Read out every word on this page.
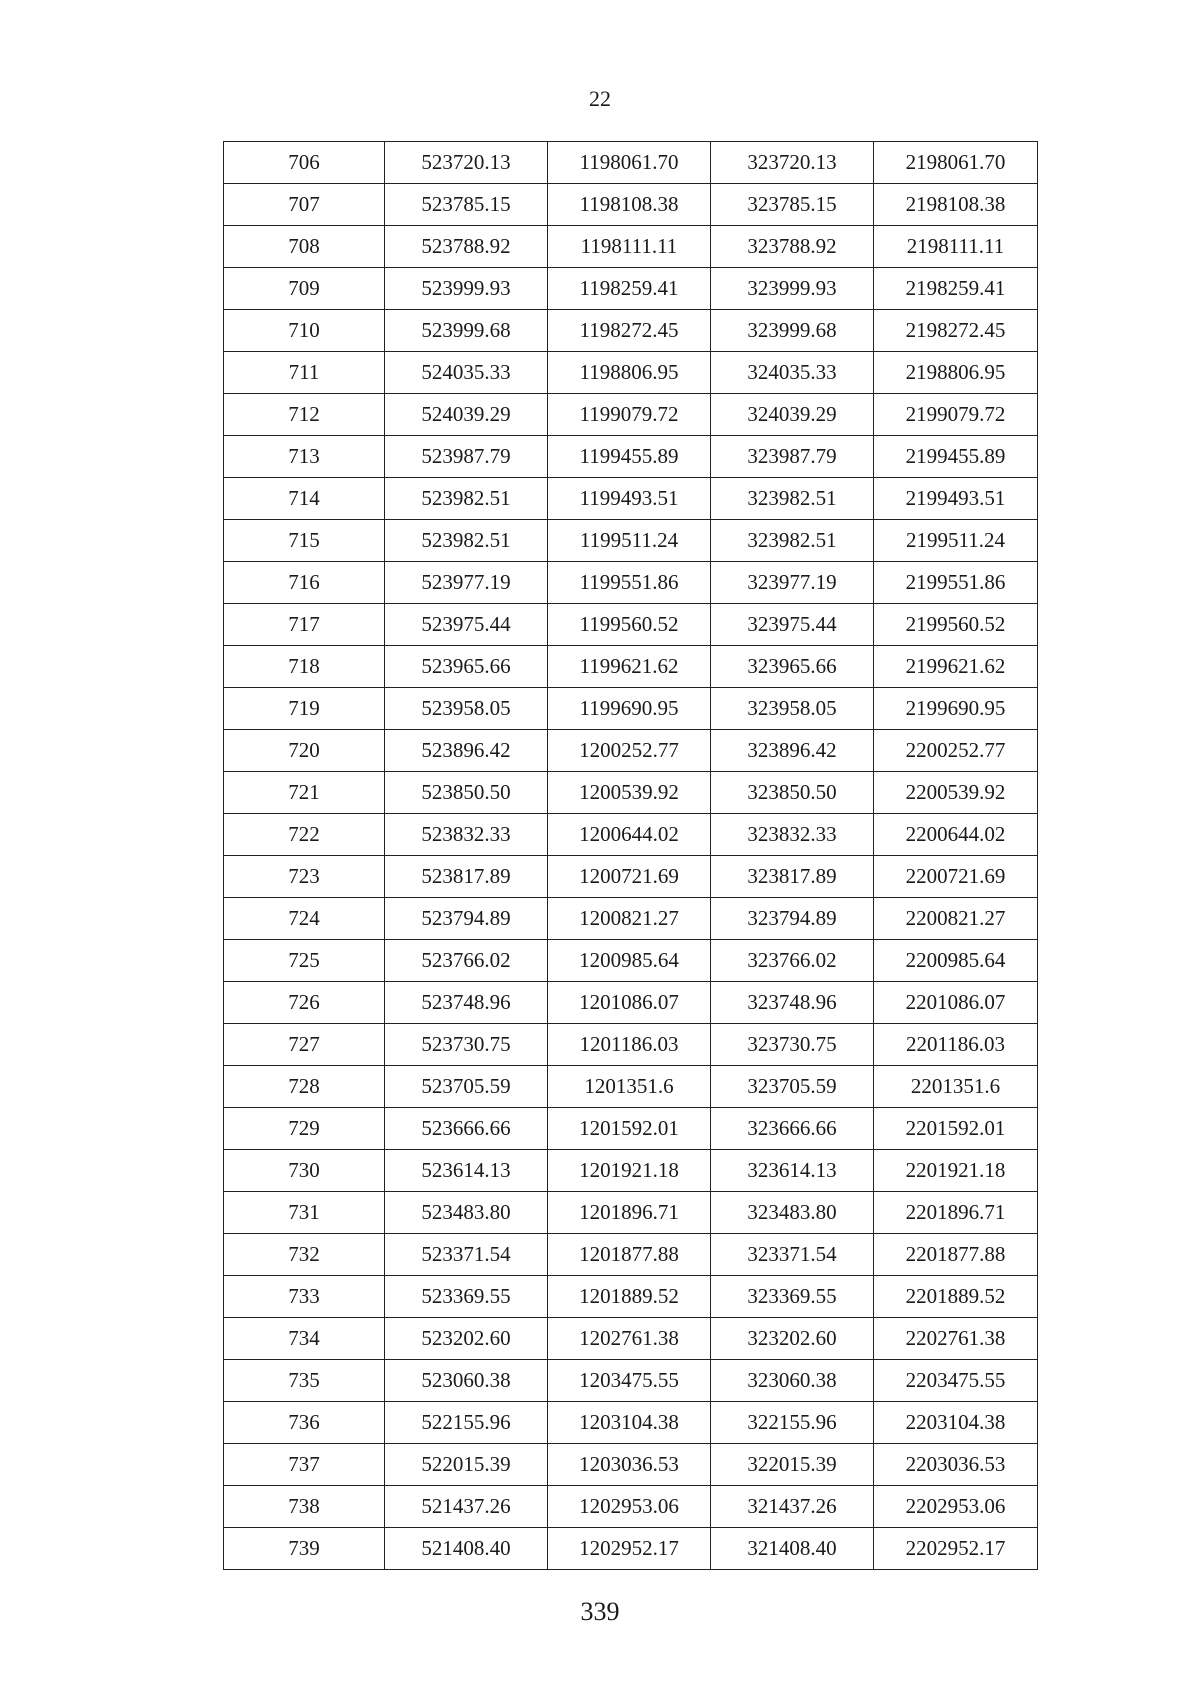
22
706	523720.13	1198061.70	323720.13	2198061.70
707	523785.15	1198108.38	323785.15	2198108.38
708	523788.92	1198111.11	323788.92	2198111.11
709	523999.93	1198259.41	323999.93	2198259.41
710	523999.68	1198272.45	323999.68	2198272.45
711	524035.33	1198806.95	324035.33	2198806.95
712	524039.29	1199079.72	324039.29	2199079.72
713	523987.79	1199455.89	323987.79	2199455.89
714	523982.51	1199493.51	323982.51	2199493.51
715	523982.51	1199511.24	323982.51	2199511.24
716	523977.19	1199551.86	323977.19	2199551.86
717	523975.44	1199560.52	323975.44	2199560.52
718	523965.66	1199621.62	323965.66	2199621.62
719	523958.05	1199690.95	323958.05	2199690.95
720	523896.42	1200252.77	323896.42	2200252.77
721	523850.50	1200539.92	323850.50	2200539.92
722	523832.33	1200644.02	323832.33	2200644.02
723	523817.89	1200721.69	323817.89	2200721.69
724	523794.89	1200821.27	323794.89	2200821.27
725	523766.02	1200985.64	323766.02	2200985.64
726	523748.96	1201086.07	323748.96	2201086.07
727	523730.75	1201186.03	323730.75	2201186.03
728	523705.59	1201351.6	323705.59	2201351.6
729	523666.66	1201592.01	323666.66	2201592.01
730	523614.13	1201921.18	323614.13	2201921.18
731	523483.80	1201896.71	323483.80	2201896.71
732	523371.54	1201877.88	323371.54	2201877.88
733	523369.55	1201889.52	323369.55	2201889.52
734	523202.60	1202761.38	323202.60	2202761.38
735	523060.38	1203475.55	323060.38	2203475.55
736	522155.96	1203104.38	322155.96	2203104.38
737	522015.39	1203036.53	322015.39	2203036.53
738	521437.26	1202953.06	321437.26	2202953.06
739	521408.40	1202952.17	321408.40	2202952.17
339
